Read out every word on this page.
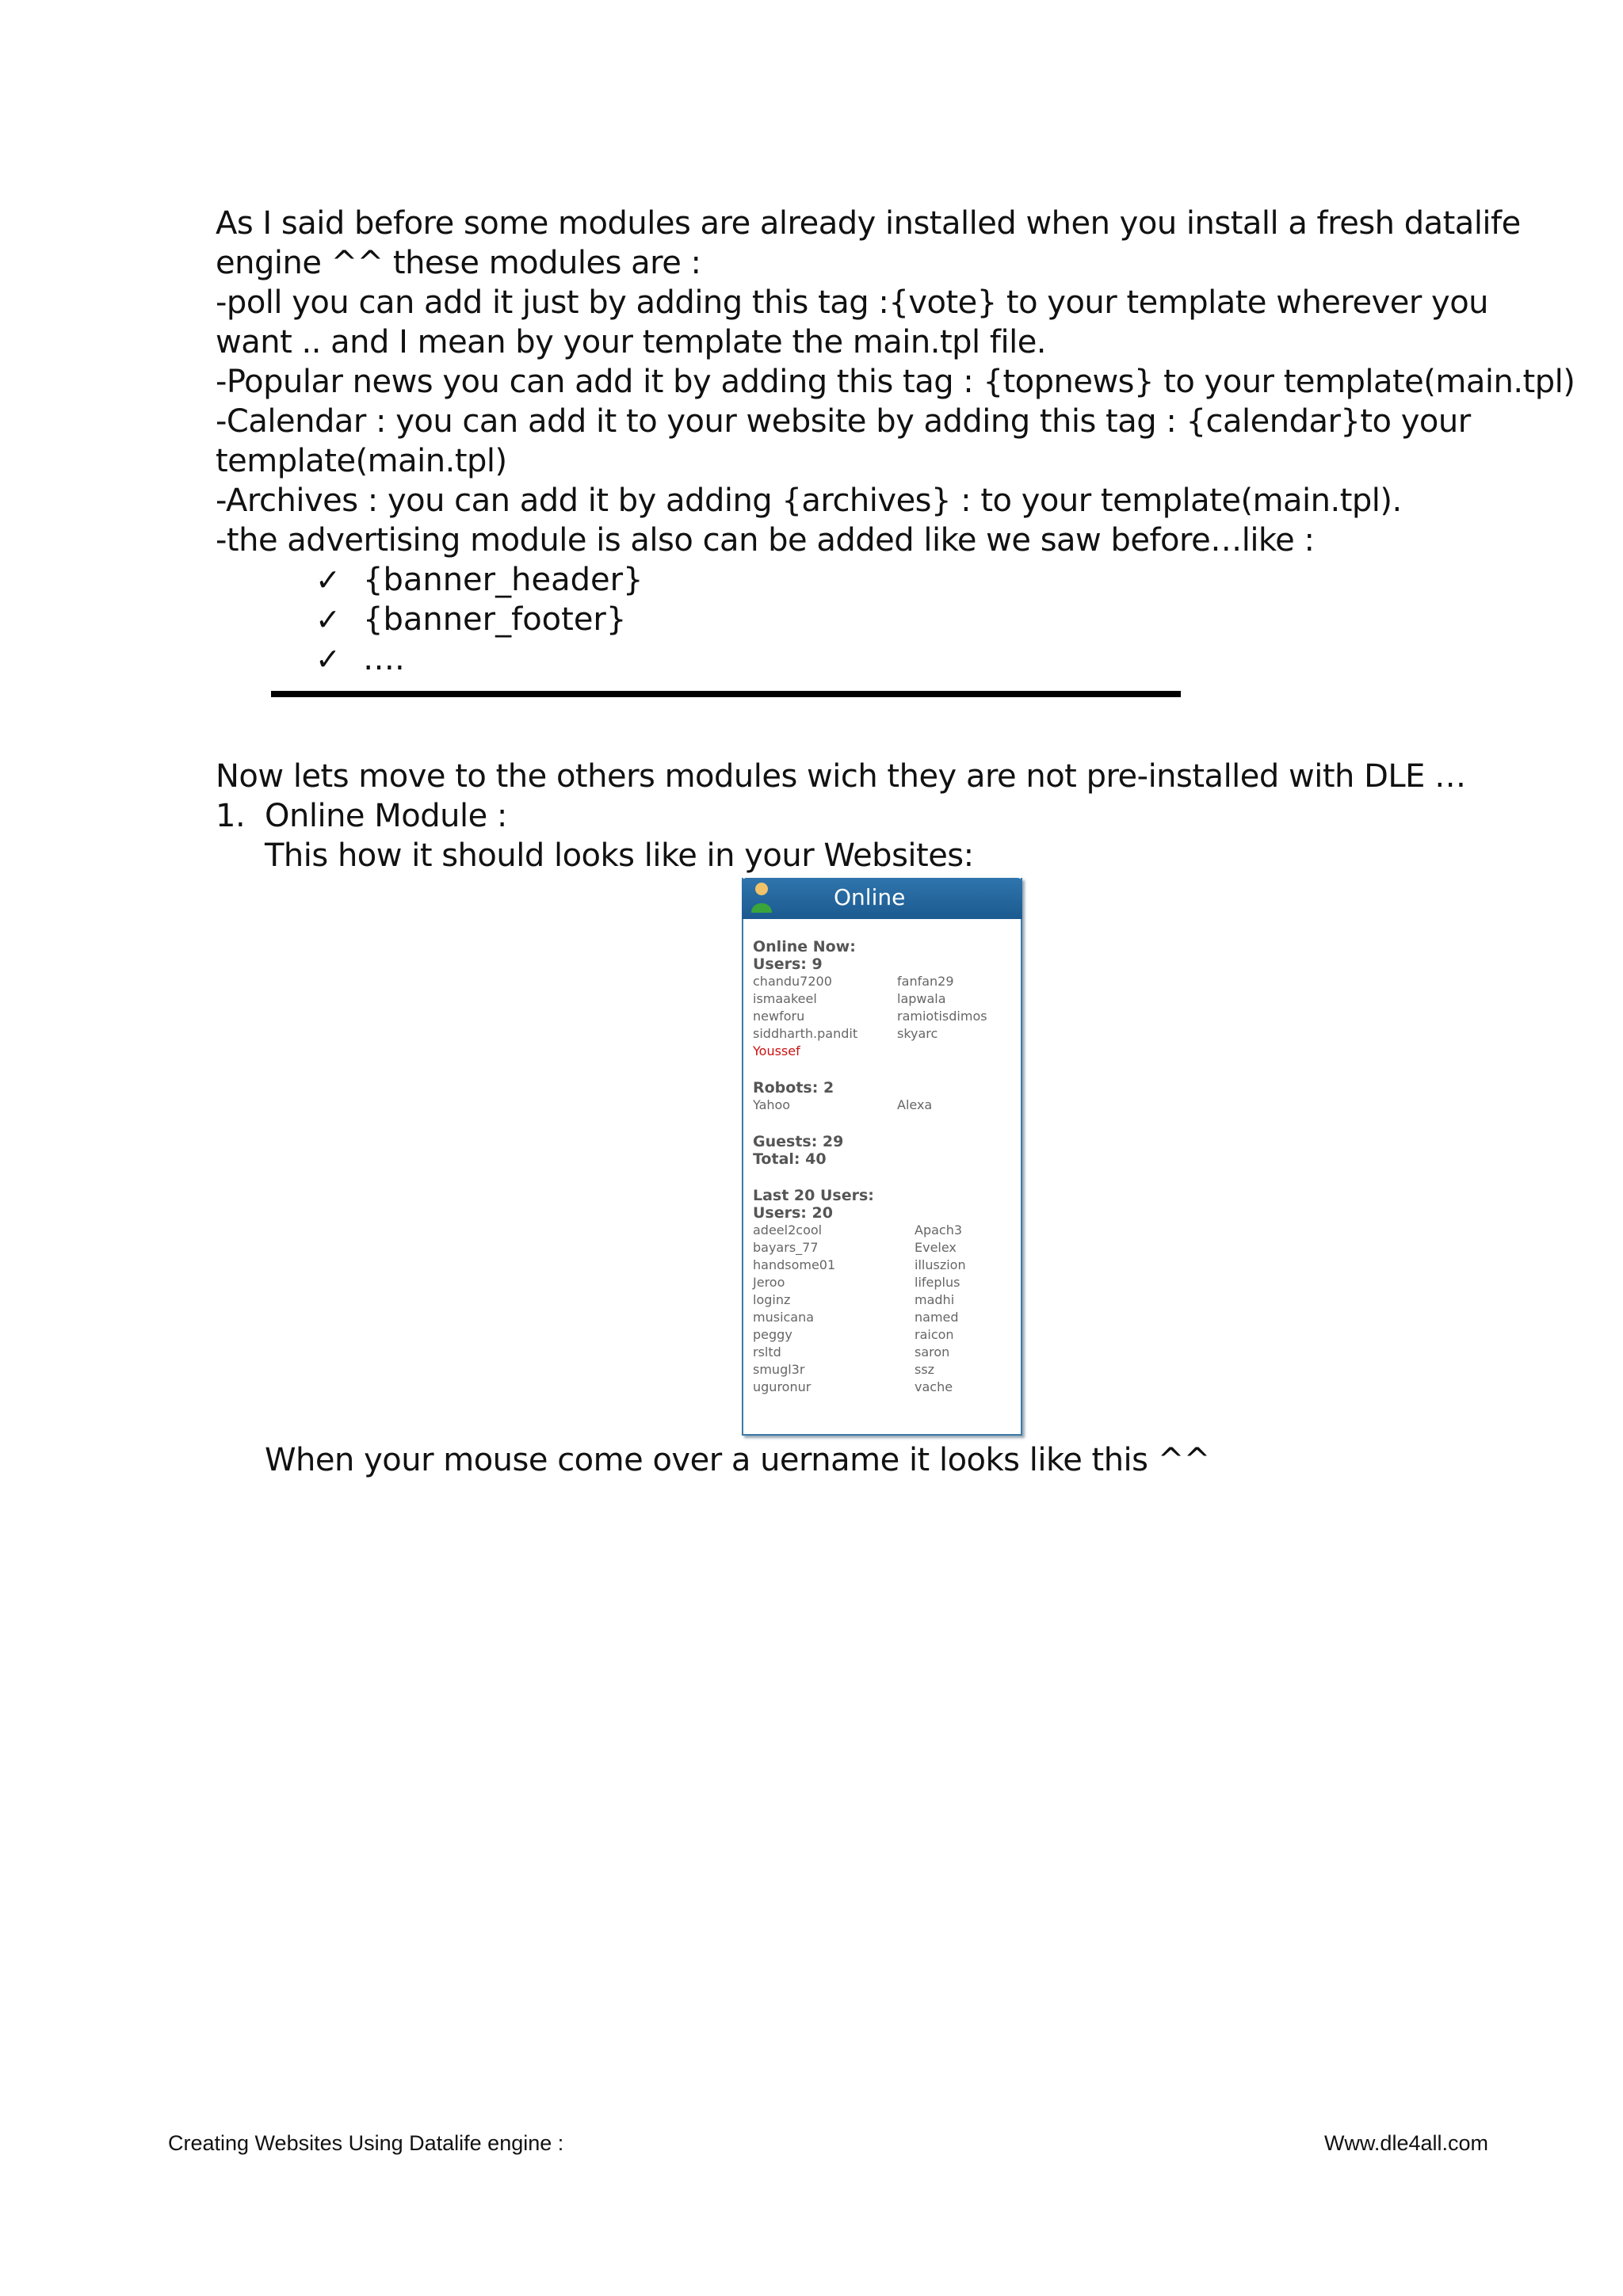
As I said before some modules are already installed when you install a fresh datalife
engine ^^ these modules are :
-poll you can add it just by adding this tag :{vote} to your template wherever you
want .. and I mean by your template the main.tpl file.
-Popular news you can add it by adding this tag : {topnews} to your template(main.tpl)
-Calendar : you can add it to your website by adding this tag : {calendar}to your
template(main.tpl)
-Archives : you can add it by adding {archives} : to your template(main.tpl).
-the advertising module is also can be added like we saw before…like :
✓ {banner_header}
✓ {banner_footer}
✓ ….
Now lets move to the others modules wich they are not pre-installed with DLE …
1. Online Module :
This how it should looks like in your Websites:
Online
Online Now:
Users: 9
chandu7200
ismaakeel
newforu
siddharth.pandit
Youssef
fanfan29
lapwala
ramiotisdimos
skyarc
Robots: 2
Yahoo	Alexa
Guests: 29
Total: 40
Last 20 Users:
Users: 20
adeel2cool
bayars_77
handsome01
Jeroo
loginz
musicana
peggy
rsltd
smugl3r
uguronur
Apach3
Evelex
illuszion
lifeplus
madhi
named
raicon
saron
ssz
vache
When your mouse come over a uername it looks like this ^^
Creating Websites Using Datalife engine :	Www.dle4all.com
